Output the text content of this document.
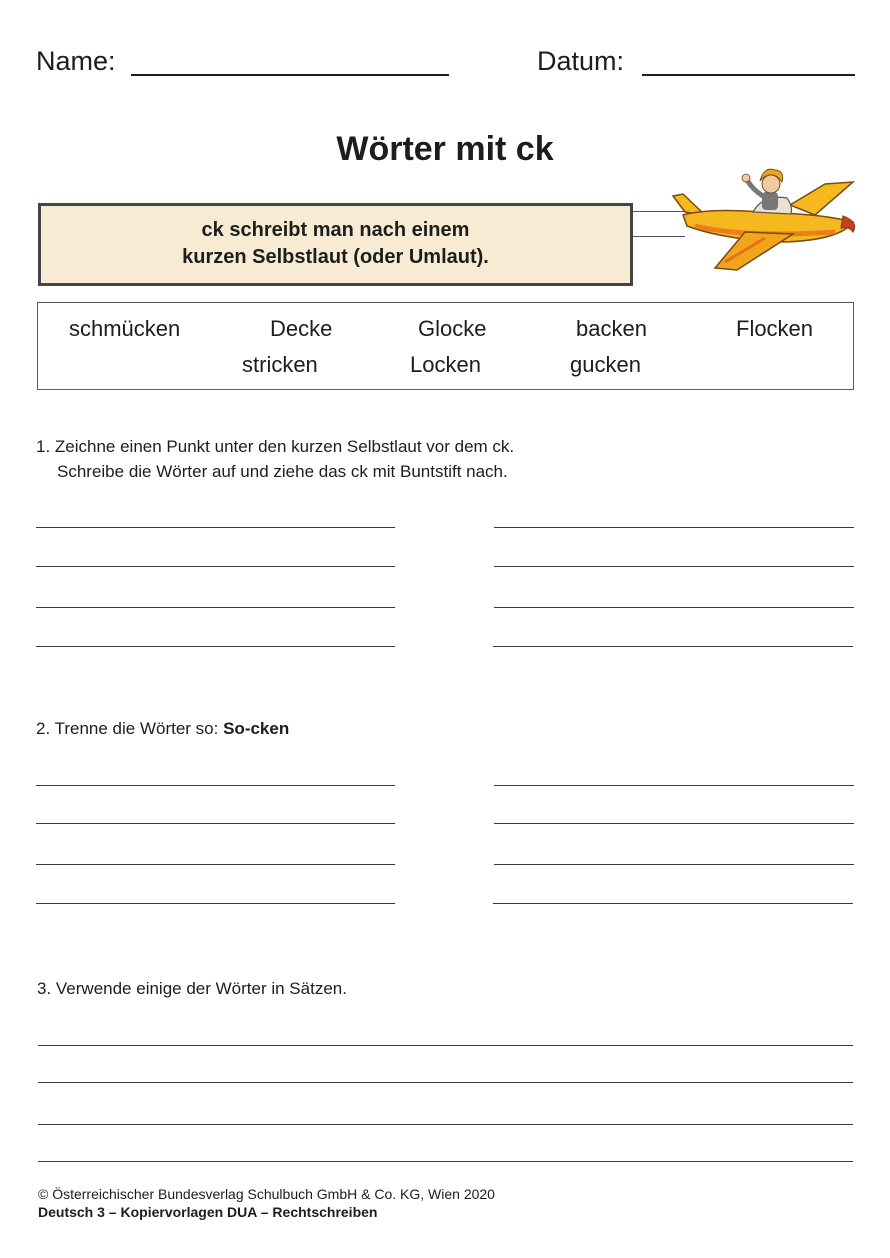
Name:	Datum:
Wörter mit ck
ck schreibt man nach einem
kurzen Selbstlaut (oder Umlaut).
schmücken	Decke	Glocke	backen	Flocken
stricken	Locken	gucken
1. Zeichne einen Punkt unter den kurzen Selbstlaut vor dem ck.
Schreibe die Wörter auf und ziehe das ck mit Buntstift nach.
2. Trenne die Wörter so: So-cken
3. Verwende einige der Wörter in Sätzen.
© Österreichischer Bundesverlag Schulbuch GmbH & Co. KG, Wien 2020
Deutsch 3 – Kopiervorlagen DUA – Rechtschreiben
